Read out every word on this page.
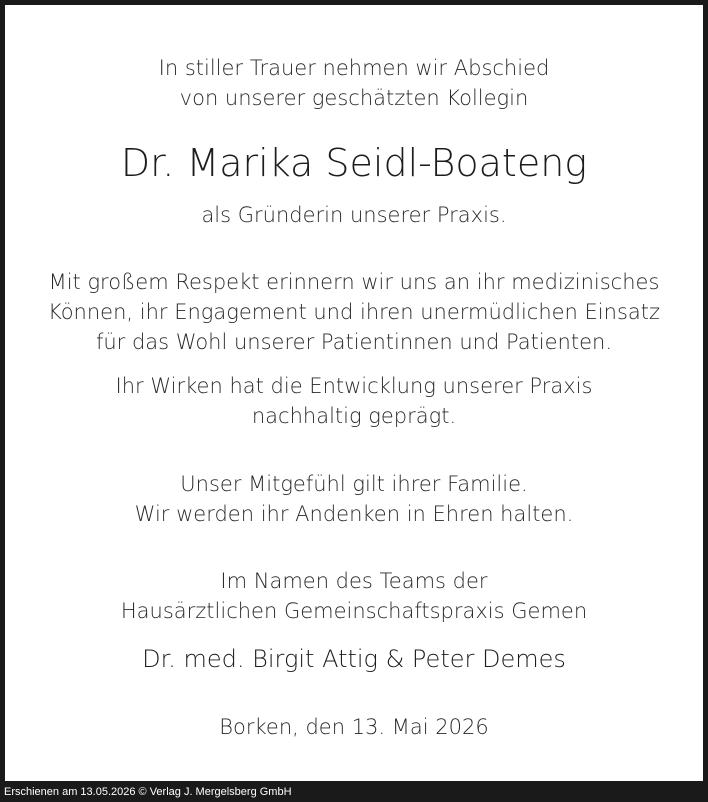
In stiller Trauer nehmen wir Abschied
von unserer geschätzten Kollegin
Dr. Marika Seidl-Boateng
als Gründerin unserer Praxis.
Mit großem Respekt erinnern wir uns an ihr medizinisches
Können, ihr Engagement und ihren unermüdlichen Einsatz
für das Wohl unserer Patientinnen und Patienten.
Ihr Wirken hat die Entwicklung unserer Praxis
nachhaltig geprägt.
Unser Mitgefühl gilt ihrer Familie.
Wir werden ihr Andenken in Ehren halten.
Im Namen des Teams der
Hausärztlichen Gemeinschaftspraxis Gemen
Dr. med. Birgit Attig & Peter Demes
Borken, den 13. Mai 2026
Erschienen am 13.05.2026 © Verlag J. Mergelsberg GmbH
